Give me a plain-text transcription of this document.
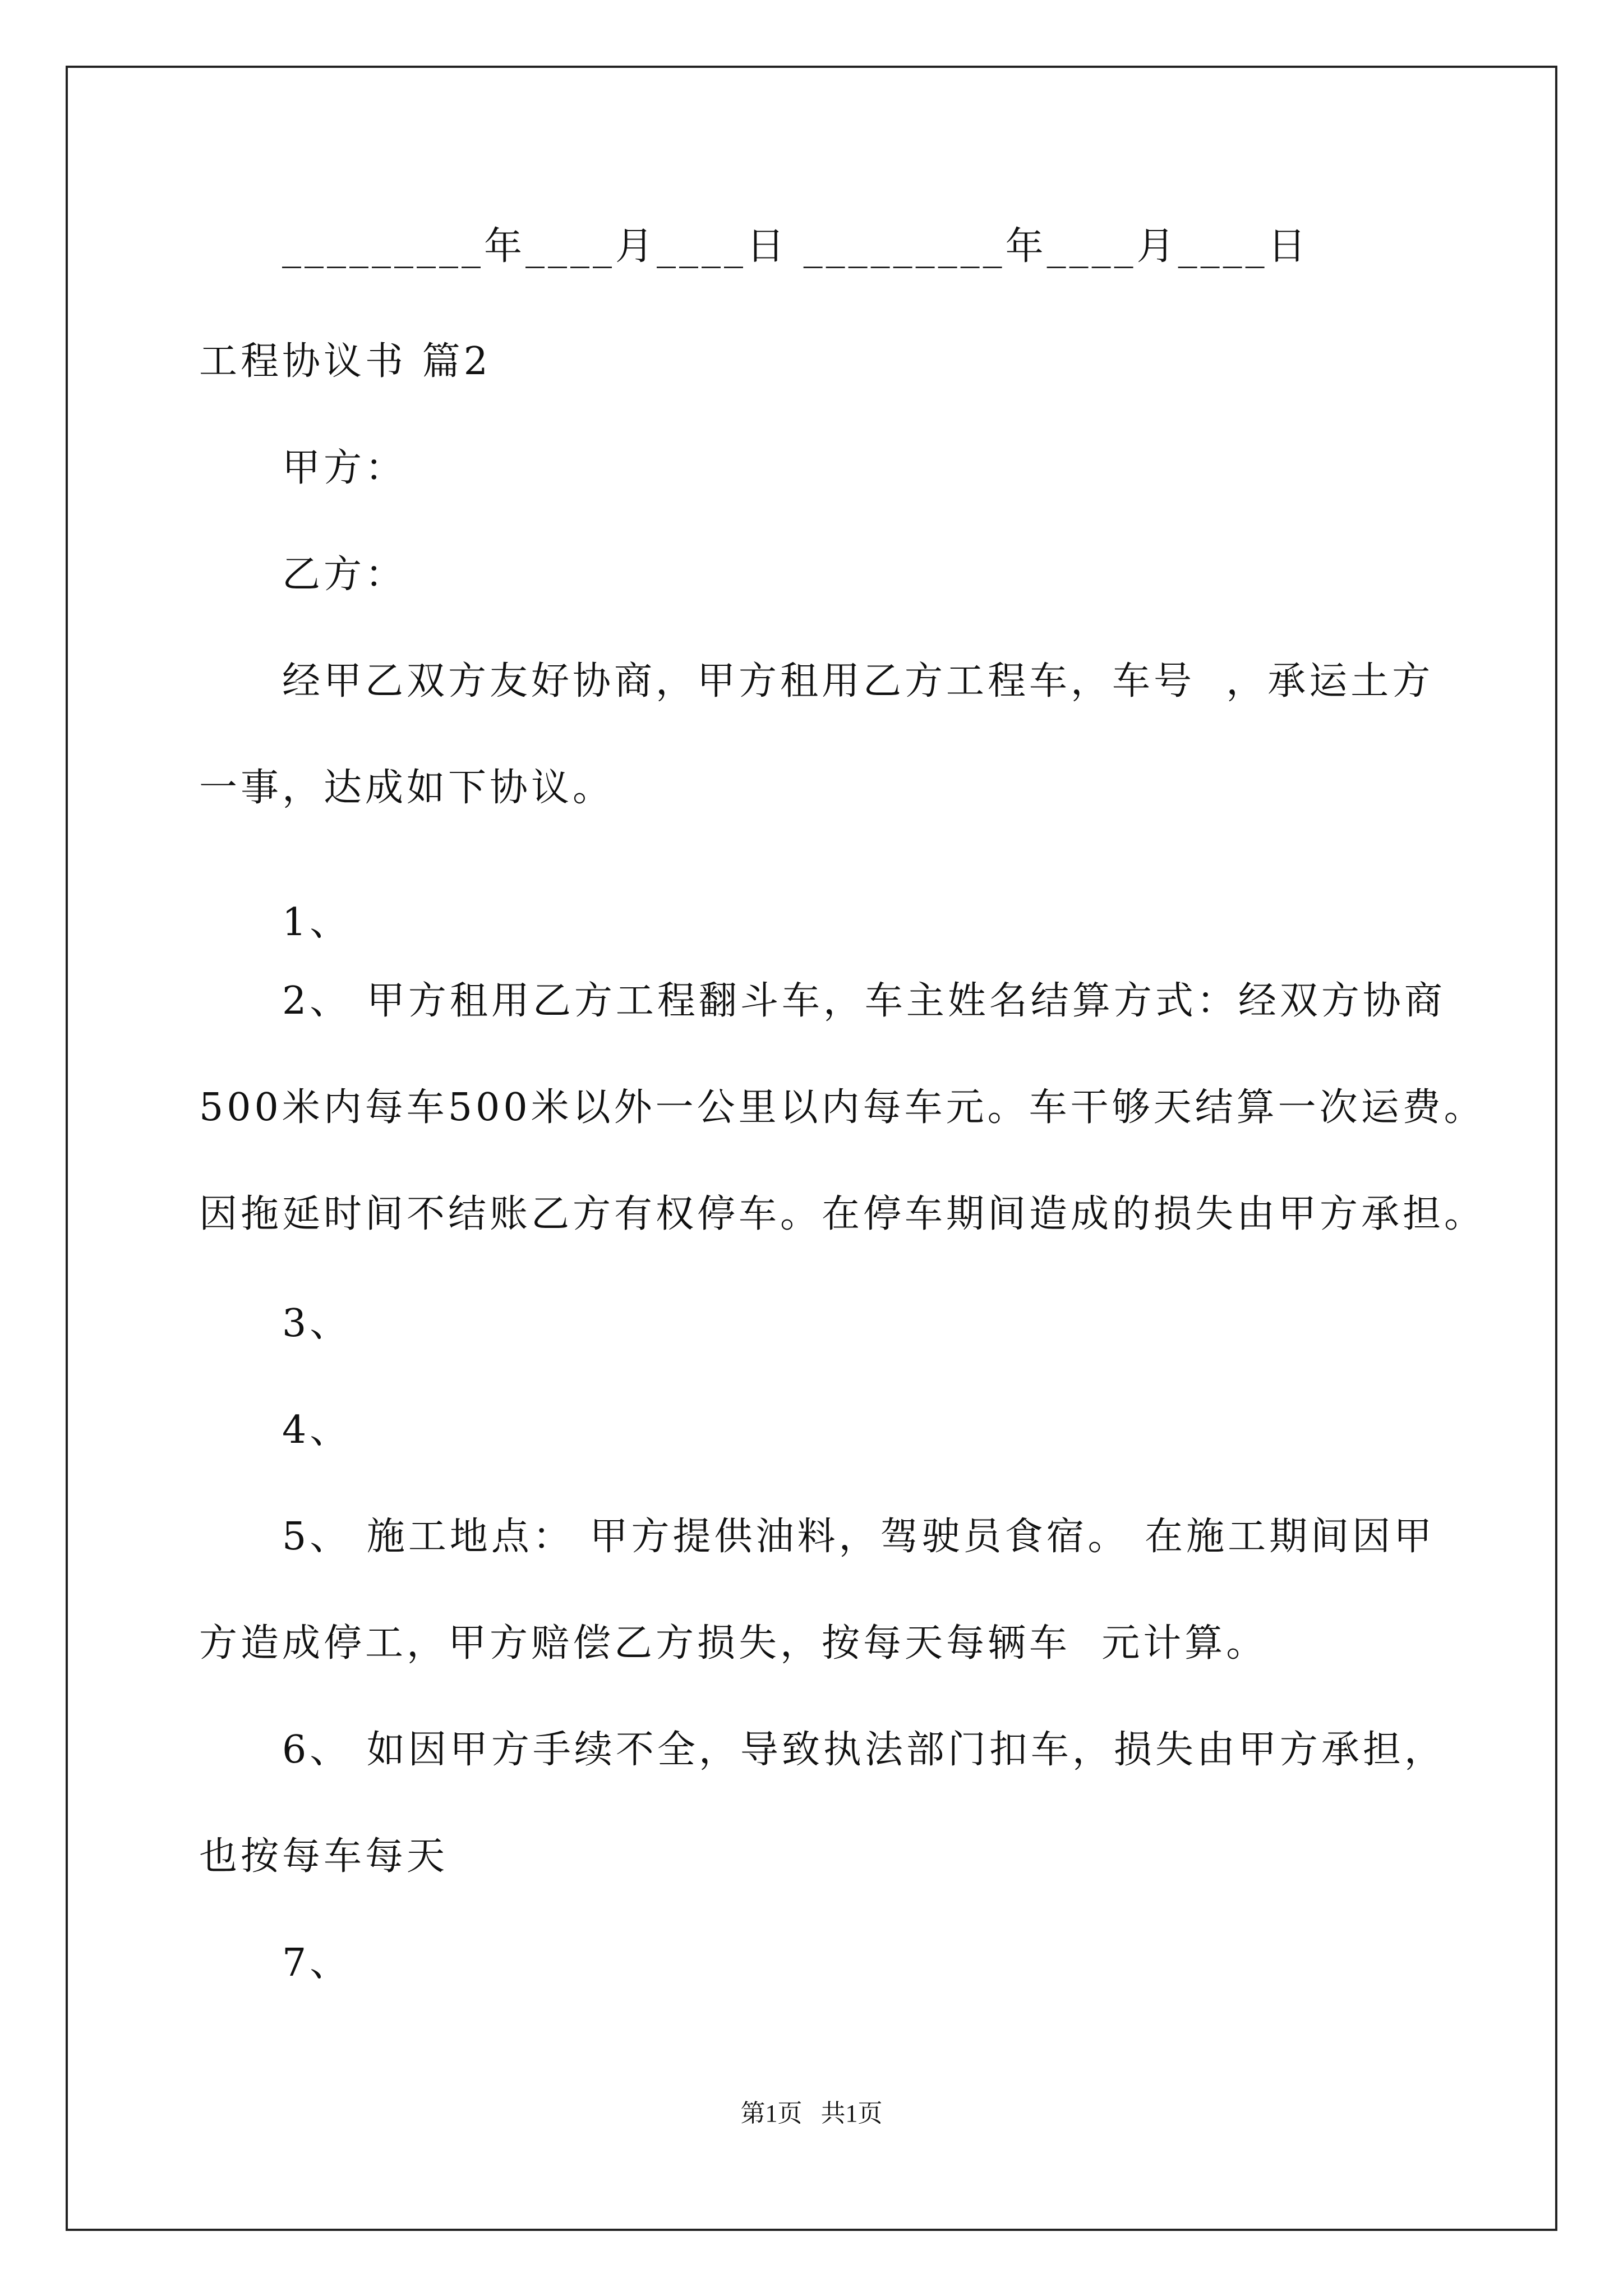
_________年____月____日 _________年____月____日
工程协议书 篇2
甲方：
乙方：
经甲乙双方友好协商，甲方租用乙方工程车，车号  ，承运土方
一事，达成如下协议。
1、
2、 甲方租用乙方工程翻斗车，车主姓名结算方式：经双方协商
500米内每车500米以外一公里以内每车元。车干够天结算一次运费。
因拖延时间不结账乙方有权停车。在停车期间造成的损失由甲方承担。
3、
4、
5、 施工地点： 甲方提供油料，驾驶员食宿。 在施工期间因甲
方造成停工，甲方赔偿乙方损失，按每天每辆车  元计算。
6、 如因甲方手续不全，导致执法部门扣车，损失由甲方承担，
也按每车每天
7、
第1页   共1页
